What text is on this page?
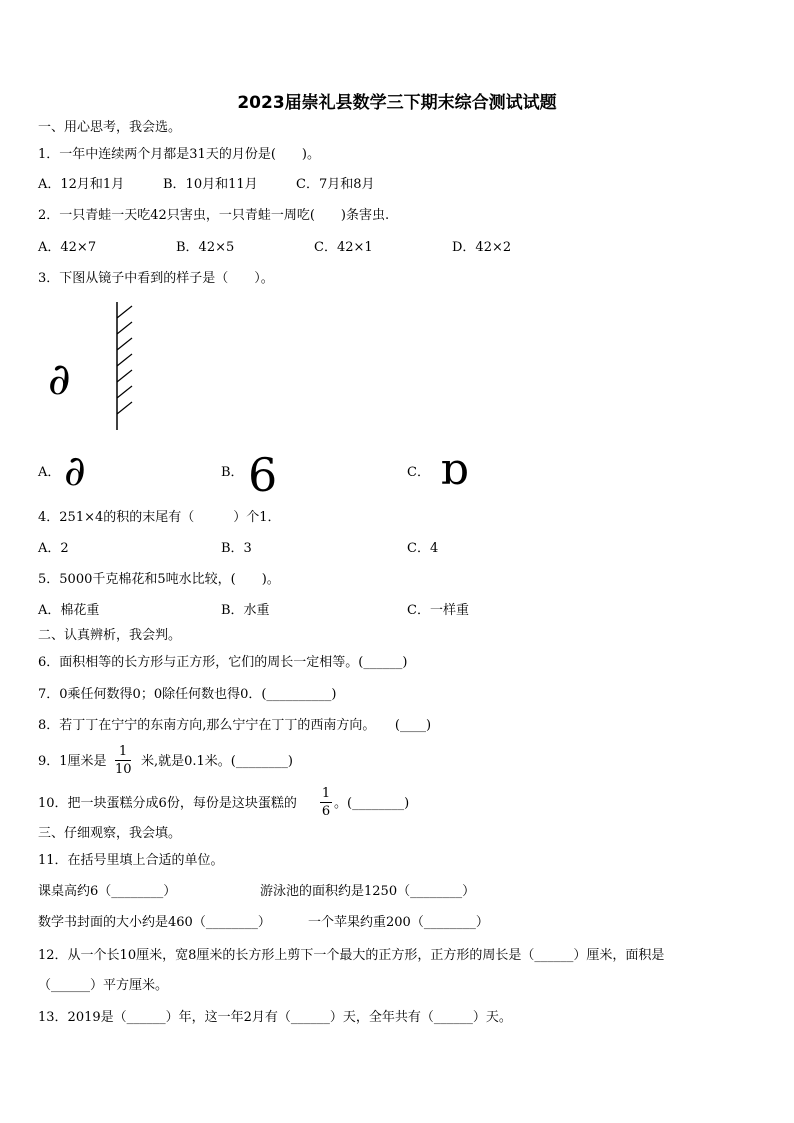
2023届崇礼县数学三下期末综合测试试题
一、用心思考，我会选。
1．一年中连续两个月都是31天的月份是(　　)。
A．12月和1月	B．10月和11月	C．7月和8月
2．一只青蛙一天吃42只害虫，一只青蛙一周吃(　　)条害虫.
A．42×7	B．42×5	C．42×1	D．42×2
3．下图从镜子中看到的样子是（　　）。
∂
A． ∂	B． 6	C． ɒ
4．251×4的积的末尾有（　　　）个1．
A．2	B．3	C．4
5．5000千克棉花和5吨水比较，(　　)。
A．棉花重	B．水重	C．一样重
二、认真辨析，我会判。
6．面积相等的长方形与正方形，它们的周长一定相等。(______)
7．0乘任何数得0；0除任何数也得0．(__________)
8．若丁丁在宁宁的东南方向,那么宁宁在丁丁的西南方向。　　(____)
9．1厘米是
1
10
米,就是0.1米。(________)
10．把一块蛋糕分成6份，每份是这块蛋糕的
1
6
。(________)
三、仔细观察，我会填。
11．在括号里填上合适的单位。
课桌高约6（________）	游泳池的面积约是1250（________）
数学书封面的大小约是460（________）	一个苹果约重200（________）
12．从一个长10厘米，宽8厘米的长方形上剪下一个最大的正方形，正方形的周长是（______）厘米，面积是
（______）平方厘米。
13．2019是（______）年，这一年2月有（______）天，全年共有（______）天。
